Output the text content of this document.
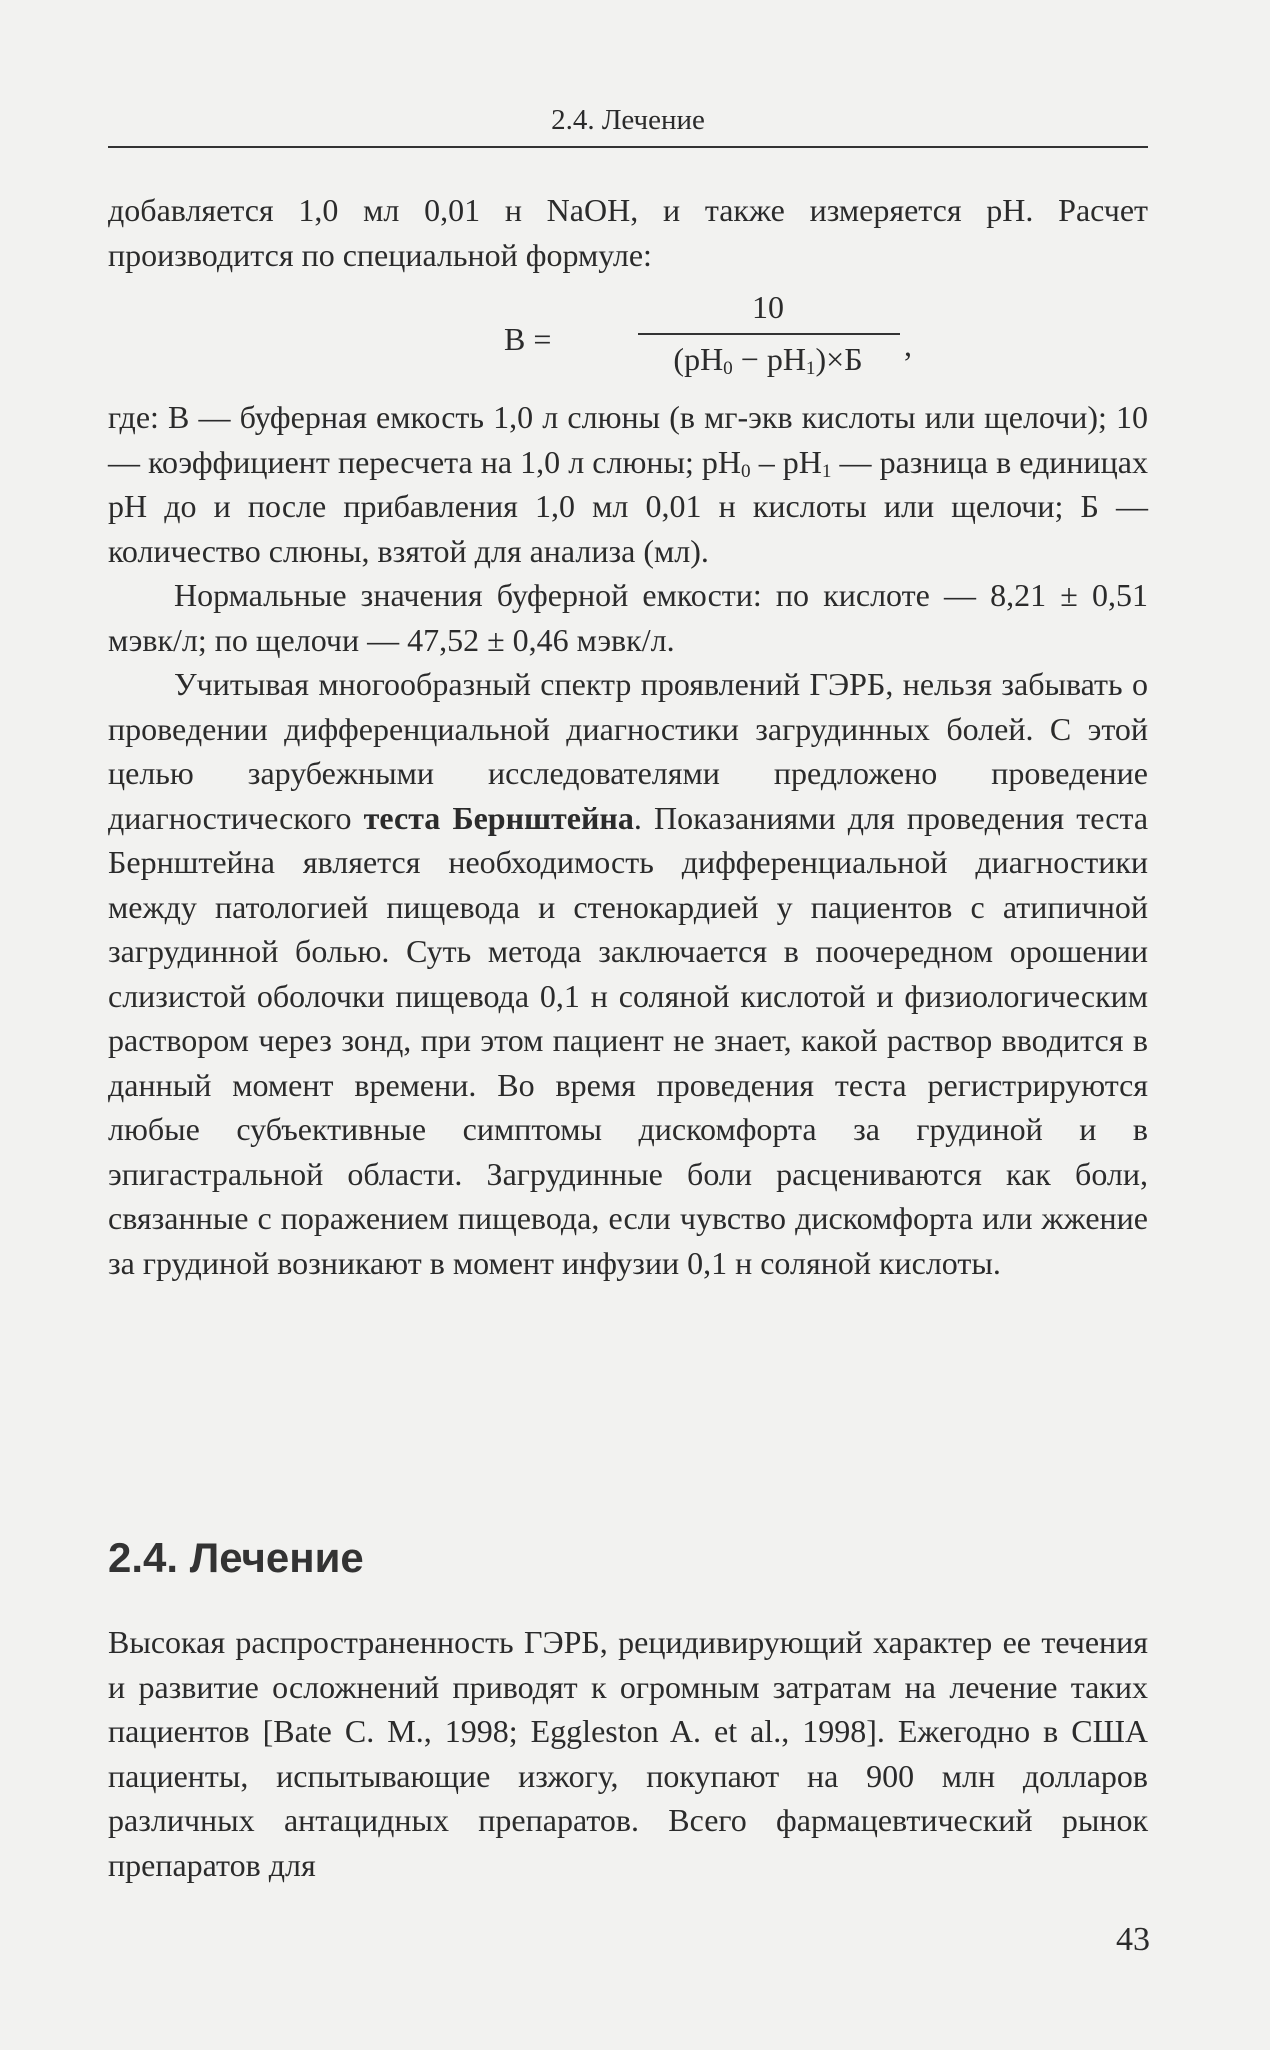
2.4. Лечение

добавляется 1,0 мл 0,01 н NaOH, и также измеряется рН. Расчет производится по специальной формуле:

B =
10
$(pH_0 - pH_1)\times Б$	,

где: В — буферная емкость 1,0 л слюны (в мг-экв кислоты или щелочи); 10 — коэффициент пересчета на 1,0 л слюны; $pH_0 - pH_1$ — разница в единицах рН до и после прибавления 1,0 мл 0,01 н кислоты или щелочи; Б — количество слюны, взятой для анализа (мл).

Нормальные значения буферной емкости: по кислоте — 8,21 ± 0,51 мэвк/л; по щелочи — 47,52 ± 0,46 мэвк/л.

Учитывая многообразный спектр проявлений ГЭРБ, нельзя забывать о проведении дифференциальной диагностики загрудинных болей. С этой целью зарубежными исследователями предложено проведение диагностического теста Бернштейна. Показаниями для проведения теста Бернштейна является необходимость дифференциальной диагностики между патологией пищевода и стенокардией у пациентов с атипичной загрудинной болью. Суть метода заключается в поочередном орошении слизистой оболочки пищевода 0,1 н соляной кислотой и физиологическим раствором через зонд, при этом пациент не знает, какой раствор вводится в данный момент времени. Во время проведения теста регистрируются любые субъективные симптомы дискомфорта за грудиной и в эпигастральной области. Загрудинные боли расцениваются как боли, связанные с поражением пищевода, если чувство дискомфорта или жжение за грудиной возникают в момент инфузии 0,1 н соляной кислоты.

2.4. Лечение

Высокая распространенность ГЭРБ, рецидивирующий характер ее течения и развитие осложнений приводят к огромным затратам на лечение таких пациентов [Bate С. М., 1998; Eggleston A. et al., 1998]. Ежегодно в США пациенты, испытывающие изжогу, покупают на 900 млн долларов различных антацидных препаратов. Всего фармацевтический рынок препаратов для

43
